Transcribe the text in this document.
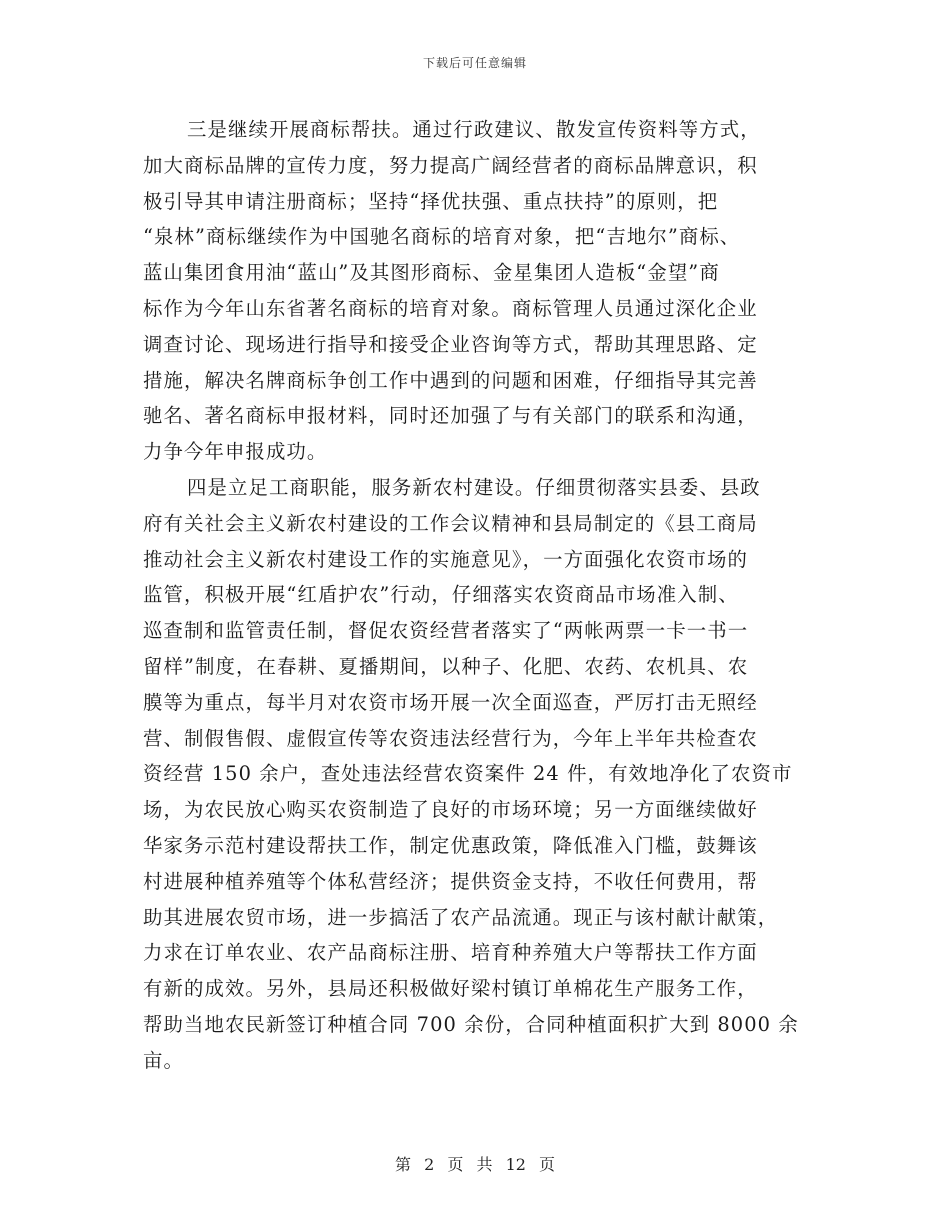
下载后可任意编辑
三是继续开展商标帮扶。通过行政建议、散发宣传资料等方式，
加大商标品牌的宣传力度，努力提高广阔经营者的商标品牌意识，积
极引导其申请注册商标；坚持“择优扶强、重点扶持”的原则，把
“泉林”商标继续作为中国驰名商标的培育对象，把“吉地尔”商标、
蓝山集团食用油“蓝山”及其图形商标、金星集团人造板“金望”商
标作为今年山东省著名商标的培育对象。商标管理人员通过深化企业
调查讨论、现场进行指导和接受企业咨询等方式，帮助其理思路、定
措施，解决名牌商标争创工作中遇到的问题和困难，仔细指导其完善
驰名、著名商标申报材料，同时还加强了与有关部门的联系和沟通，
力争今年申报成功。
四是立足工商职能，服务新农村建设。仔细贯彻落实县委、县政
府有关社会主义新农村建设的工作会议精神和县局制定的《县工商局
推动社会主义新农村建设工作的实施意见》，一方面强化农资市场的
监管，积极开展“红盾护农”行动，仔细落实农资商品市场准入制、
巡查制和监管责任制，督促农资经营者落实了“两帐两票一卡一书一
留样”制度，在春耕、夏播期间，以种子、化肥、农药、农机具、农
膜等为重点，每半月对农资市场开展一次全面巡查，严厉打击无照经
营、制假售假、虚假宣传等农资违法经营行为，今年上半年共检查农
资经营 150 余户，查处违法经营农资案件 24 件，有效地净化了农资市
场，为农民放心购买农资制造了良好的市场环境；另一方面继续做好
华家务示范村建设帮扶工作，制定优惠政策，降低准入门槛，鼓舞该
村进展种植养殖等个体私营经济；提供资金支持，不收任何费用，帮
助其进展农贸市场，进一步搞活了农产品流通。现正与该村献计献策，
力求在订单农业、农产品商标注册、培育种养殖大户等帮扶工作方面
有新的成效。另外，县局还积极做好梁村镇订单棉花生产服务工作，
帮助当地农民新签订种植合同 700 余份，合同种植面积扩大到 8000 余
亩。
第 2 页 共 12 页
